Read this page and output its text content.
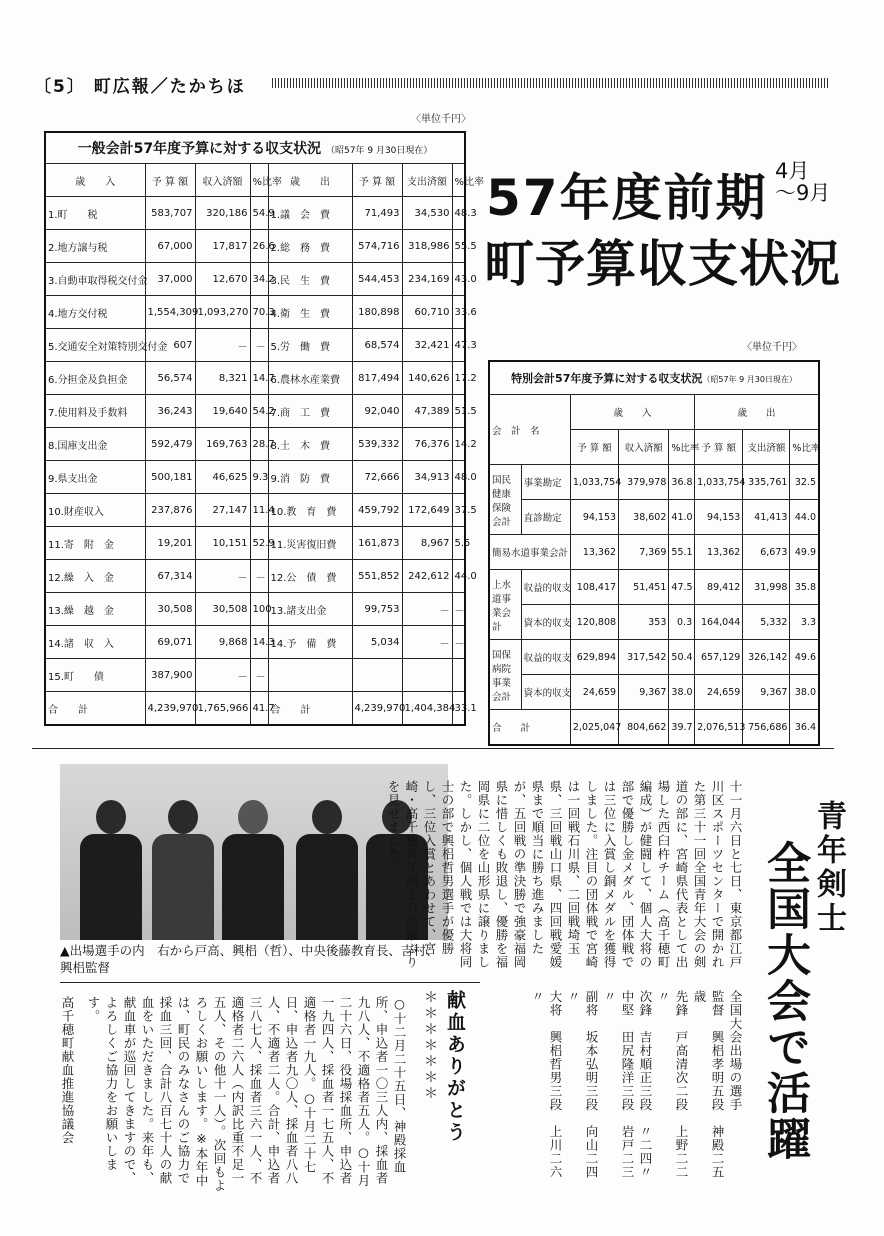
〔5〕 町広報／たかちほ
〈単位千円〉
一般会計57年度予算に対する収支状況 （昭57年 9 月30日現在）							
歳　　入	予 算 額	収入済額	%比率	歳　　出	予 算 額	支出済額	%比率
1.町　　税	583,707	320,186	54.9	1.議　会　費	71,493	34,530	48.3
2.地方譲与税	67,000	17,817	26.6	2.総　務　費	574,716	318,986	55.5
3.自動車取得税交付金	37,000	12,670	34.2	3.民　生　費	544,453	234,169	43.0
4.地方交付税	1,554,309	1,093,270	70.3	4.衛　生　費	180,898	60,710	33.6
5.交通安全対策特別交付金	607	－	－	5.労　働　費	68,574	32,421	47.3
6.分担金及負担金	56,574	8,321	14.7	6.農林水産業費	817,494	140,626	17.2
7.使用料及手数料	36,243	19,640	54.2	7.商　工　費	92,040	47,389	51.5
8.国庫支出金	592,479	169,763	28.7	8.土　木　費	539,332	76,376	14.2
9.県支出金	500,181	46,625	9.3	9.消　防　費	72,666	34,913	48.0
10.財産収入	237,876	27,147	11.4	10.教　育　費	459,792	172,649	37.5
11.寄　附　金	19,201	10,151	52.9	11.災害復旧費	161,873	8,967	5.5
12.繰　入　金	67,314	－	－	12.公　債　費	551,852	242,612	44.0
13.繰　越　金	30,508	30,508	100	13.諸支出金	99,753	－	－
14.諸　収　入	69,071	9,868	14.3	14.予　備　費	5,034	－	－
15.町　　債	387,900	－	－				
合　　計	4,239,970	1,765,966	41.7	合　　計	4,239,970	1,404,384	33.1
57年度前期 4月
～9月
町予算収支状況
〈単位千円〉
特別会計57年度予算に対する収支状況（昭57年 9 月30日現在）							
会　計　名		歳　　入			歳　　出		
		予 算 額	収入済額	%比率	予 算 額	支出済額	%比率
国民健康保険会計	事業勘定	1,033,754	379,978	36.8	1,033,754	335,761	32.5
	直診勘定	94,153	38,602	41.0	94,153	41,413	44.0
簡易水道事業会計		13,362	7,369	55.1	13,362	6,673	49.9
上水道事業会計	収益的収支	108,417	51,451	47.5	89,412	31,998	35.8
	資本的収支	120,808	353	0.3	164,044	5,332	3.3
国保病院事業会計	収益的収支	629,894	317,542	50.4	657,129	326,142	49.6
	資本的収支	24,659	9,367	38.0	24,659	9,367	38.0
合　　計		2,025,047	804,662	39.7	2,076,513	756,686	36.4
▲出場選手の内　右から戸高、興梠（哲）、中央後藤教育長、吉村、興梠監督
青年剣士
全国大会で活躍
十一月六日と七日、東京都江戸川区スポーツセンターで開かれた第三十一回全国青年大会の剣道の部に、宮崎県代表として出場した西臼杵チーム（高千穂町編成）が健闘して、個人大将の部で優勝し金メダル、団体戦では三位に入賞し銅メダルを獲得しました。注目の団体戦で宮崎は一回戦石川県、二回戦埼玉県、三回戦山口県、四回戦愛媛県まで順当に勝ち進みましたが、五回戦の準決勝で強豪福岡県に惜しくも敗退し、優勝を福岡県に二位を山形県に譲りました。しかし、個人戦では大将同士の部で興梠哲男選手が優勝し、三位入賞とあわせて、宮崎・高千穂青年剣士の活躍ぶりを見せました。
全国大会出場の選手
監督　興梠孝明五段　神殿二五歳
先鋒　戸高清次二段　上野二二〃
次鋒　吉村順正三段　〃二四〃
中堅　田尻隆洋三段　岩戸二三〃
副将　坂本弘明三段　向山二四〃
大将　興梠哲男三段　上川二六〃
献血ありがとう
＊＊＊＊＊＊＊
○十二月二十五日、神殿採血所、申込者一〇三人内、採血者九八人、不適格者五人。○十月二十六日、役場採血所、申込者一九四人、採血者一七五人、不適格者一九人。○十月二十七日、申込者九〇人、採血者八八人、不適者二人。合計、申込者三八七人、採血者三六一人、不適格者二六人（内訳比重不足一五人、その他十一人）。次回もよろしくお願いします。※本年中は、町民のみなさんのご協力で採血三回、合計八百七十人の献血をいただきました。来年も、献血車が巡回してきますので、よろしくご協力をお願いします。
高千穂町献血推進協議会
